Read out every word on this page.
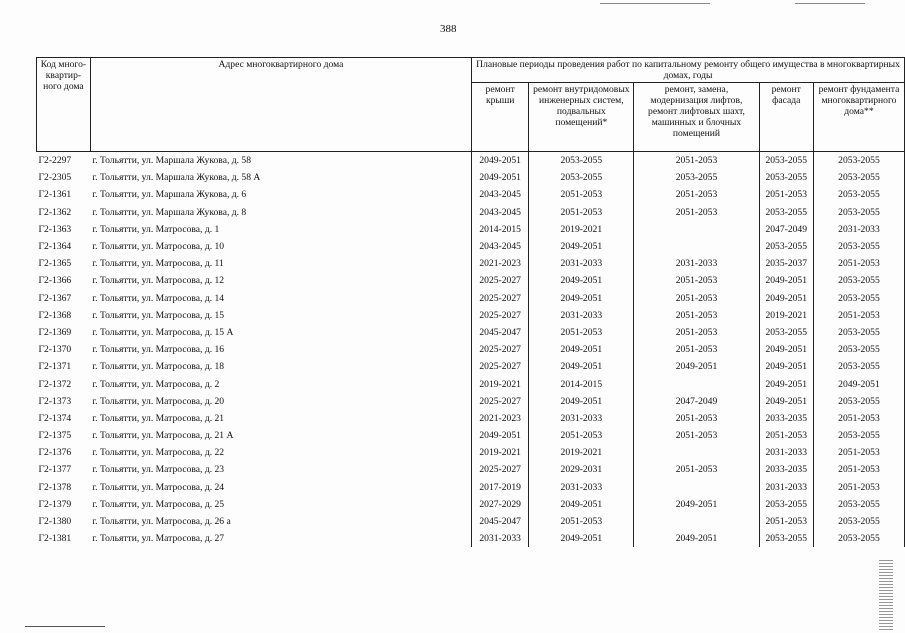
388
Код много-квартир-ного дома	Адрес многоквартирного дома	Плановые периоды проведения работ по капитальному ремонту общего имущества в многоквартирных домах, годы				
		ремонт крыши	ремонт внутридомовых инженерных систем, подвальных помещений*	ремонт, замена, модернизация лифтов, ремонт лифтовых шахт, машинных и блочных помещений	ремонт фасада	ремонт фундамента многоквартирного дома**
Г2-2297	г. Тольятти, ул. Маршала Жукова, д. 58	2049-2051	2053-2055	2051-2053	2053-2055	2053-2055
Г2-2305	г. Тольятти, ул. Маршала Жукова, д. 58 А	2049-2051	2053-2055	2053-2055	2053-2055	2053-2055
Г2-1361	г. Тольятти, ул. Маршала Жукова, д. 6	2043-2045	2051-2053	2051-2053	2051-2053	2053-2055
Г2-1362	г. Тольятти, ул. Маршала Жукова, д. 8	2043-2045	2051-2053	2051-2053	2053-2055	2053-2055
Г2-1363	г. Тольятти, ул. Матросова, д. 1	2014-2015	2019-2021		2047-2049	2031-2033
Г2-1364	г. Тольятти, ул. Матросова, д. 10	2043-2045	2049-2051		2053-2055	2053-2055
Г2-1365	г. Тольятти, ул. Матросова, д. 11	2021-2023	2031-2033	2031-2033	2035-2037	2051-2053
Г2-1366	г. Тольятти, ул. Матросова, д. 12	2025-2027	2049-2051	2051-2053	2049-2051	2053-2055
Г2-1367	г. Тольятти, ул. Матросова, д. 14	2025-2027	2049-2051	2051-2053	2049-2051	2053-2055
Г2-1368	г. Тольятти, ул. Матросова, д. 15	2025-2027	2031-2033	2051-2053	2019-2021	2051-2053
Г2-1369	г. Тольятти, ул. Матросова, д. 15 А	2045-2047	2051-2053	2051-2053	2053-2055	2053-2055
Г2-1370	г. Тольятти, ул. Матросова, д. 16	2025-2027	2049-2051	2051-2053	2049-2051	2053-2055
Г2-1371	г. Тольятти, ул. Матросова, д. 18	2025-2027	2049-2051	2049-2051	2049-2051	2053-2055
Г2-1372	г. Тольятти, ул. Матросова, д. 2	2019-2021	2014-2015		2049-2051	2049-2051
Г2-1373	г. Тольятти, ул. Матросова, д. 20	2025-2027	2049-2051	2047-2049	2049-2051	2053-2055
Г2-1374	г. Тольятти, ул. Матросова, д. 21	2021-2023	2031-2033	2051-2053	2033-2035	2051-2053
Г2-1375	г. Тольятти, ул. Матросова, д. 21 А	2049-2051	2051-2053	2051-2053	2051-2053	2053-2055
Г2-1376	г. Тольятти, ул. Матросова, д. 22	2019-2021	2019-2021		2031-2033	2051-2053
Г2-1377	г. Тольятти, ул. Матросова, д. 23	2025-2027	2029-2031	2051-2053	2033-2035	2051-2053
Г2-1378	г. Тольятти, ул. Матросова, д. 24	2017-2019	2031-2033		2031-2033	2051-2053
Г2-1379	г. Тольятти, ул. Матросова, д. 25	2027-2029	2049-2051	2049-2051	2053-2055	2053-2055
Г2-1380	г. Тольятти, ул. Матросова, д. 26 а	2045-2047	2051-2053		2051-2053	2053-2055
Г2-1381	г. Тольятти, ул. Матросова, д. 27	2031-2033	2049-2051	2049-2051	2053-2055	2053-2055
